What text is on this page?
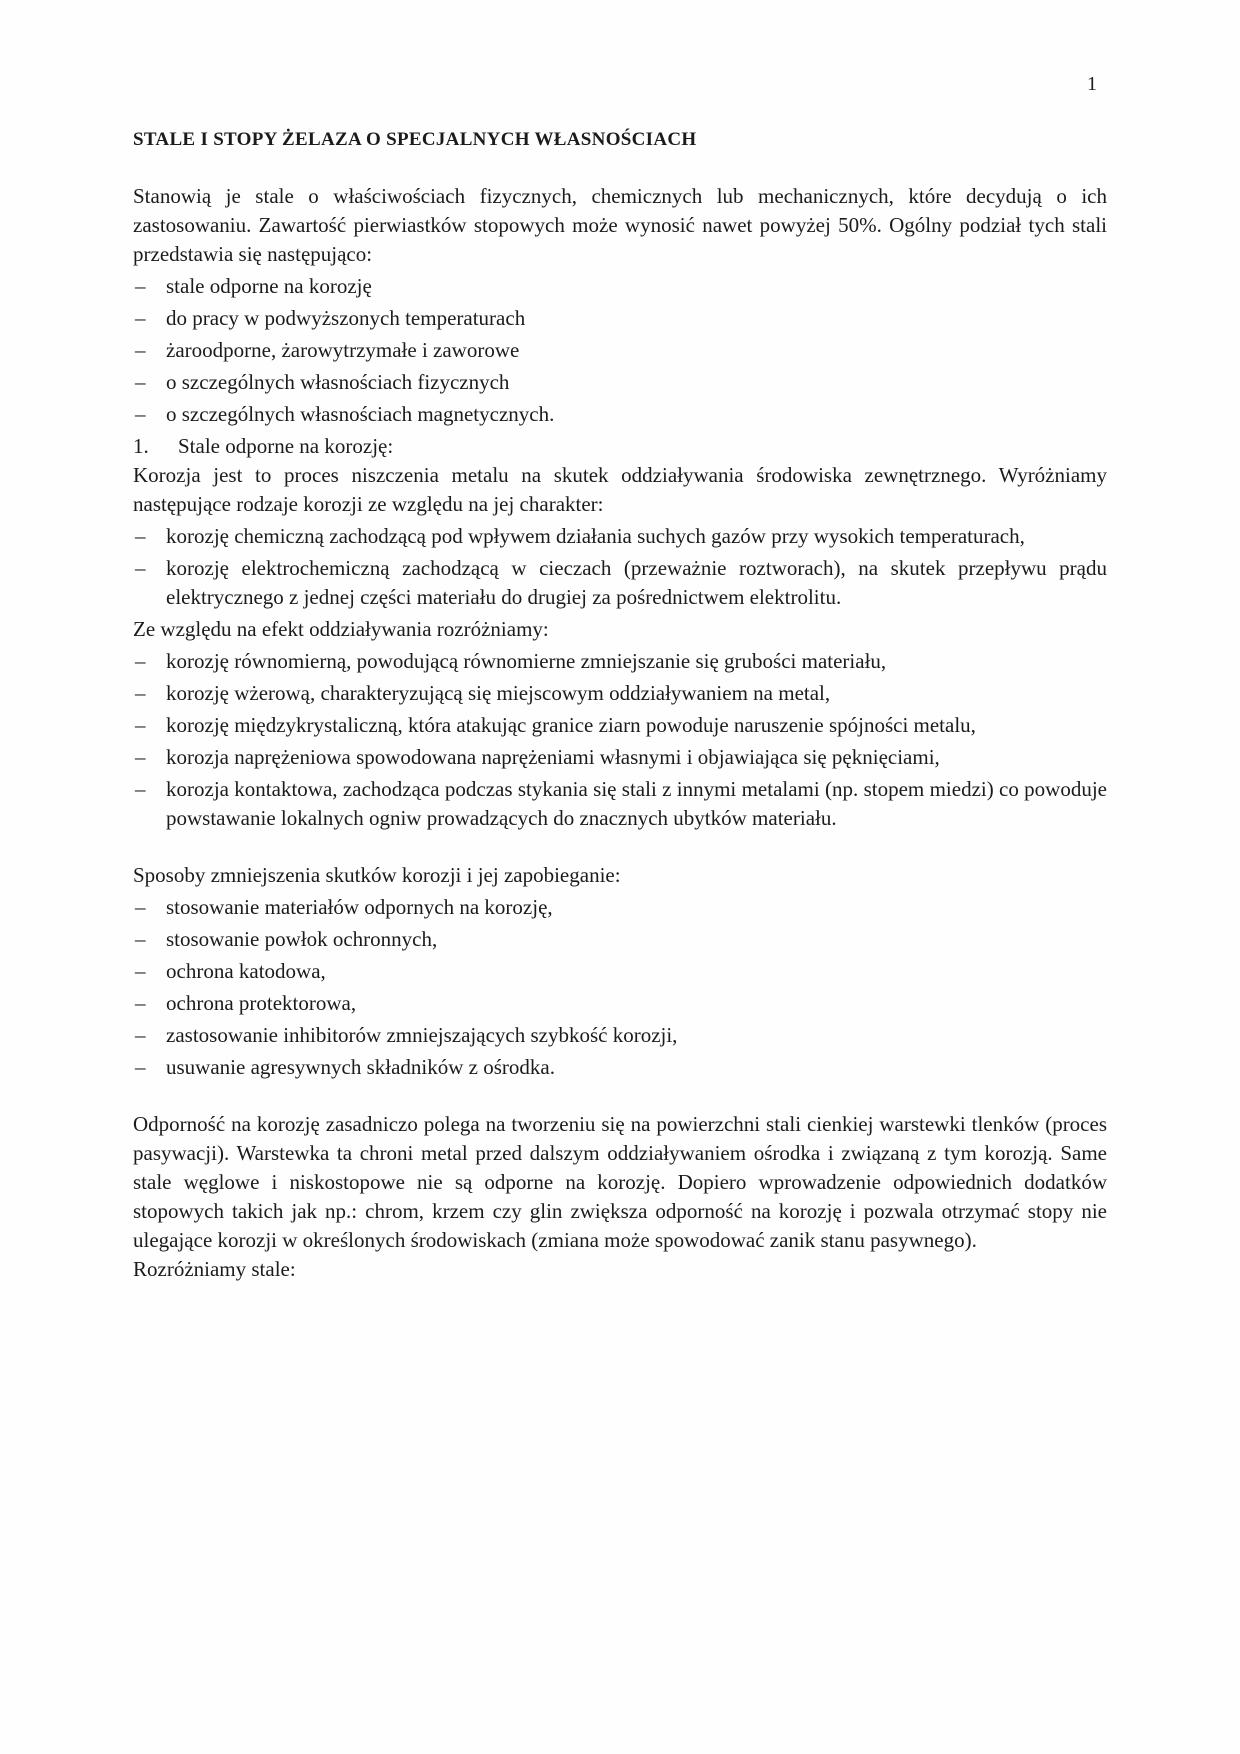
1
STALE I STOPY ŻELAZA O SPECJALNYCH WŁASNOŚCIACH

Stanowią je stale o właściwościach fizycznych, chemicznych lub mechanicznych, które decydują o ich zastosowaniu. Zawartość pierwiastków stopowych może wynosić nawet powyżej 50%. Ogólny podział tych stali przedstawia się następująco:

– stale odporne na korozję
– do pracy w podwyższonych temperaturach
– żaroodporne, żarowytrzymałe i zaworowe
– o szczególnych własnościach fizycznych
– o szczególnych własnościach magnetycznych.
1. Stale odporne na korozję:

Korozja jest to proces niszczenia metalu na skutek oddziaływania środowiska zewnętrznego. Wyróżniamy następujące rodzaje korozji ze względu na jej charakter:

– korozję chemiczną zachodzącą pod wpływem działania suchych gazów przy wysokich temperaturach,
– korozję elektrochemiczną zachodzącą w cieczach (przeważnie roztworach), na skutek przepływu prądu elektrycznego z jednej części materiału do drugiej za pośrednictwem elektrolitu.

Ze względu na efekt oddziaływania rozróżniamy:

– korozję równomierną, powodującą równomierne zmniejszanie się grubości materiału,
– korozję wżerową, charakteryzującą się miejscowym oddziaływaniem na metal,
– korozję międzykrystaliczną, która atakując granice ziarn powoduje naruszenie spójności metalu,
– korozja naprężeniowa spowodowana naprężeniami własnymi i objawiająca się pęknięciami,
– korozja kontaktowa, zachodząca podczas stykania się stali z innymi metalami (np. stopem miedzi) co powoduje powstawanie lokalnych ogniw prowadzących do znacznych ubytków materiału.

Sposoby zmniejszenia skutków korozji i jej zapobieganie:

– stosowanie materiałów odpornych na korozję,
– stosowanie powłok ochronnych,
– ochrona katodowa,
– ochrona protektorowa,
– zastosowanie inhibitorów zmniejszających szybkość korozji,
– usuwanie agresywnych składników z ośrodka.

Odporność na korozję zasadniczo polega na tworzeniu się na powierzchni stali cienkiej warstewki tlenków (proces pasywacji). Warstewka ta chroni metal przed dalszym oddziaływaniem ośrodka i związaną z tym korozją. Same stale węglowe i niskostopowe nie są odporne na korozję. Dopiero wprowadzenie odpowiednich dodatków stopowych takich jak np.: chrom, krzem czy glin zwiększa odporność na korozję i pozwala otrzymać stopy nie ulegające korozji w określonych środowiskach (zmiana może spowodować zanik stanu pasywnego).

Rozróżniamy stale:
